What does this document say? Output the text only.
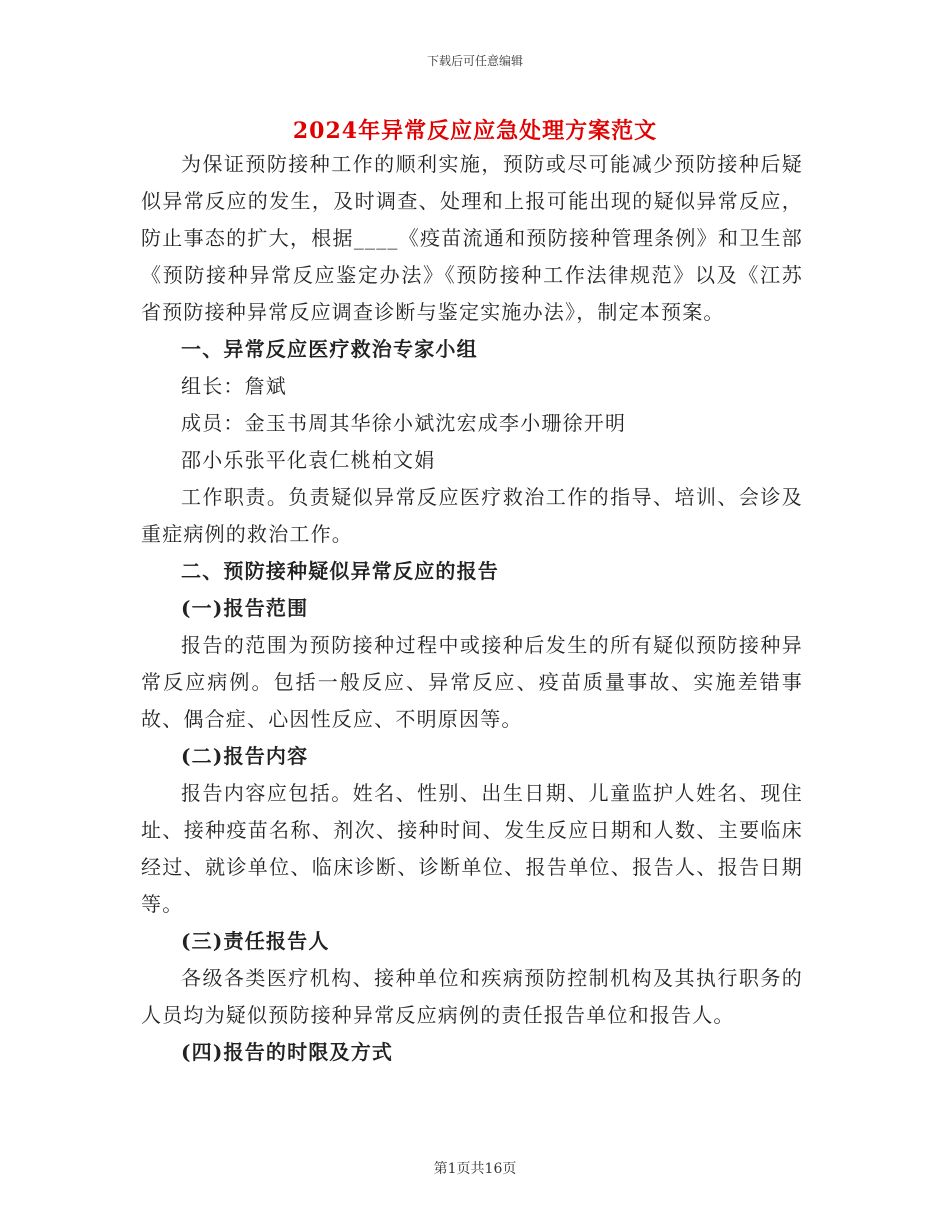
下载后可任意编辑
2024年异常反应应急处理方案范文

为保证预防接种工作的顺利实施，预防或尽可能减少预防接种后疑似异常反应的发生，及时调查、处理和上报可能出现的疑似异常反应，防止事态的扩大，根据____《疫苗流通和预防接种管理条例》和卫生部《预防接种异常反应鉴定办法》《预防接种工作法律规范》以及《江苏省预防接种异常反应调查诊断与鉴定实施办法》，制定本预案。

一、异常反应医疗救治专家小组

组长：詹斌

成员：金玉书周其华徐小斌沈宏成李小珊徐开明

邵小乐张平化袁仁桃柏文娟

工作职责。负责疑似异常反应医疗救治工作的指导、培训、会诊及重症病例的救治工作。

二、预防接种疑似异常反应的报告

(一)报告范围

报告的范围为预防接种过程中或接种后发生的所有疑似预防接种异常反应病例。包括一般反应、异常反应、疫苗质量事故、实施差错事故、偶合症、心因性反应、不明原因等。

(二)报告内容

报告内容应包括。姓名、性别、出生日期、儿童监护人姓名、现住址、接种疫苗名称、剂次、接种时间、发生反应日期和人数、主要临床经过、就诊单位、临床诊断、诊断单位、报告单位、报告人、报告日期等。

(三)责任报告人

各级各类医疗机构、接种单位和疾病预防控制机构及其执行职务的人员均为疑似预防接种异常反应病例的责任报告单位和报告人。

(四)报告的时限及方式

第1页共16页
